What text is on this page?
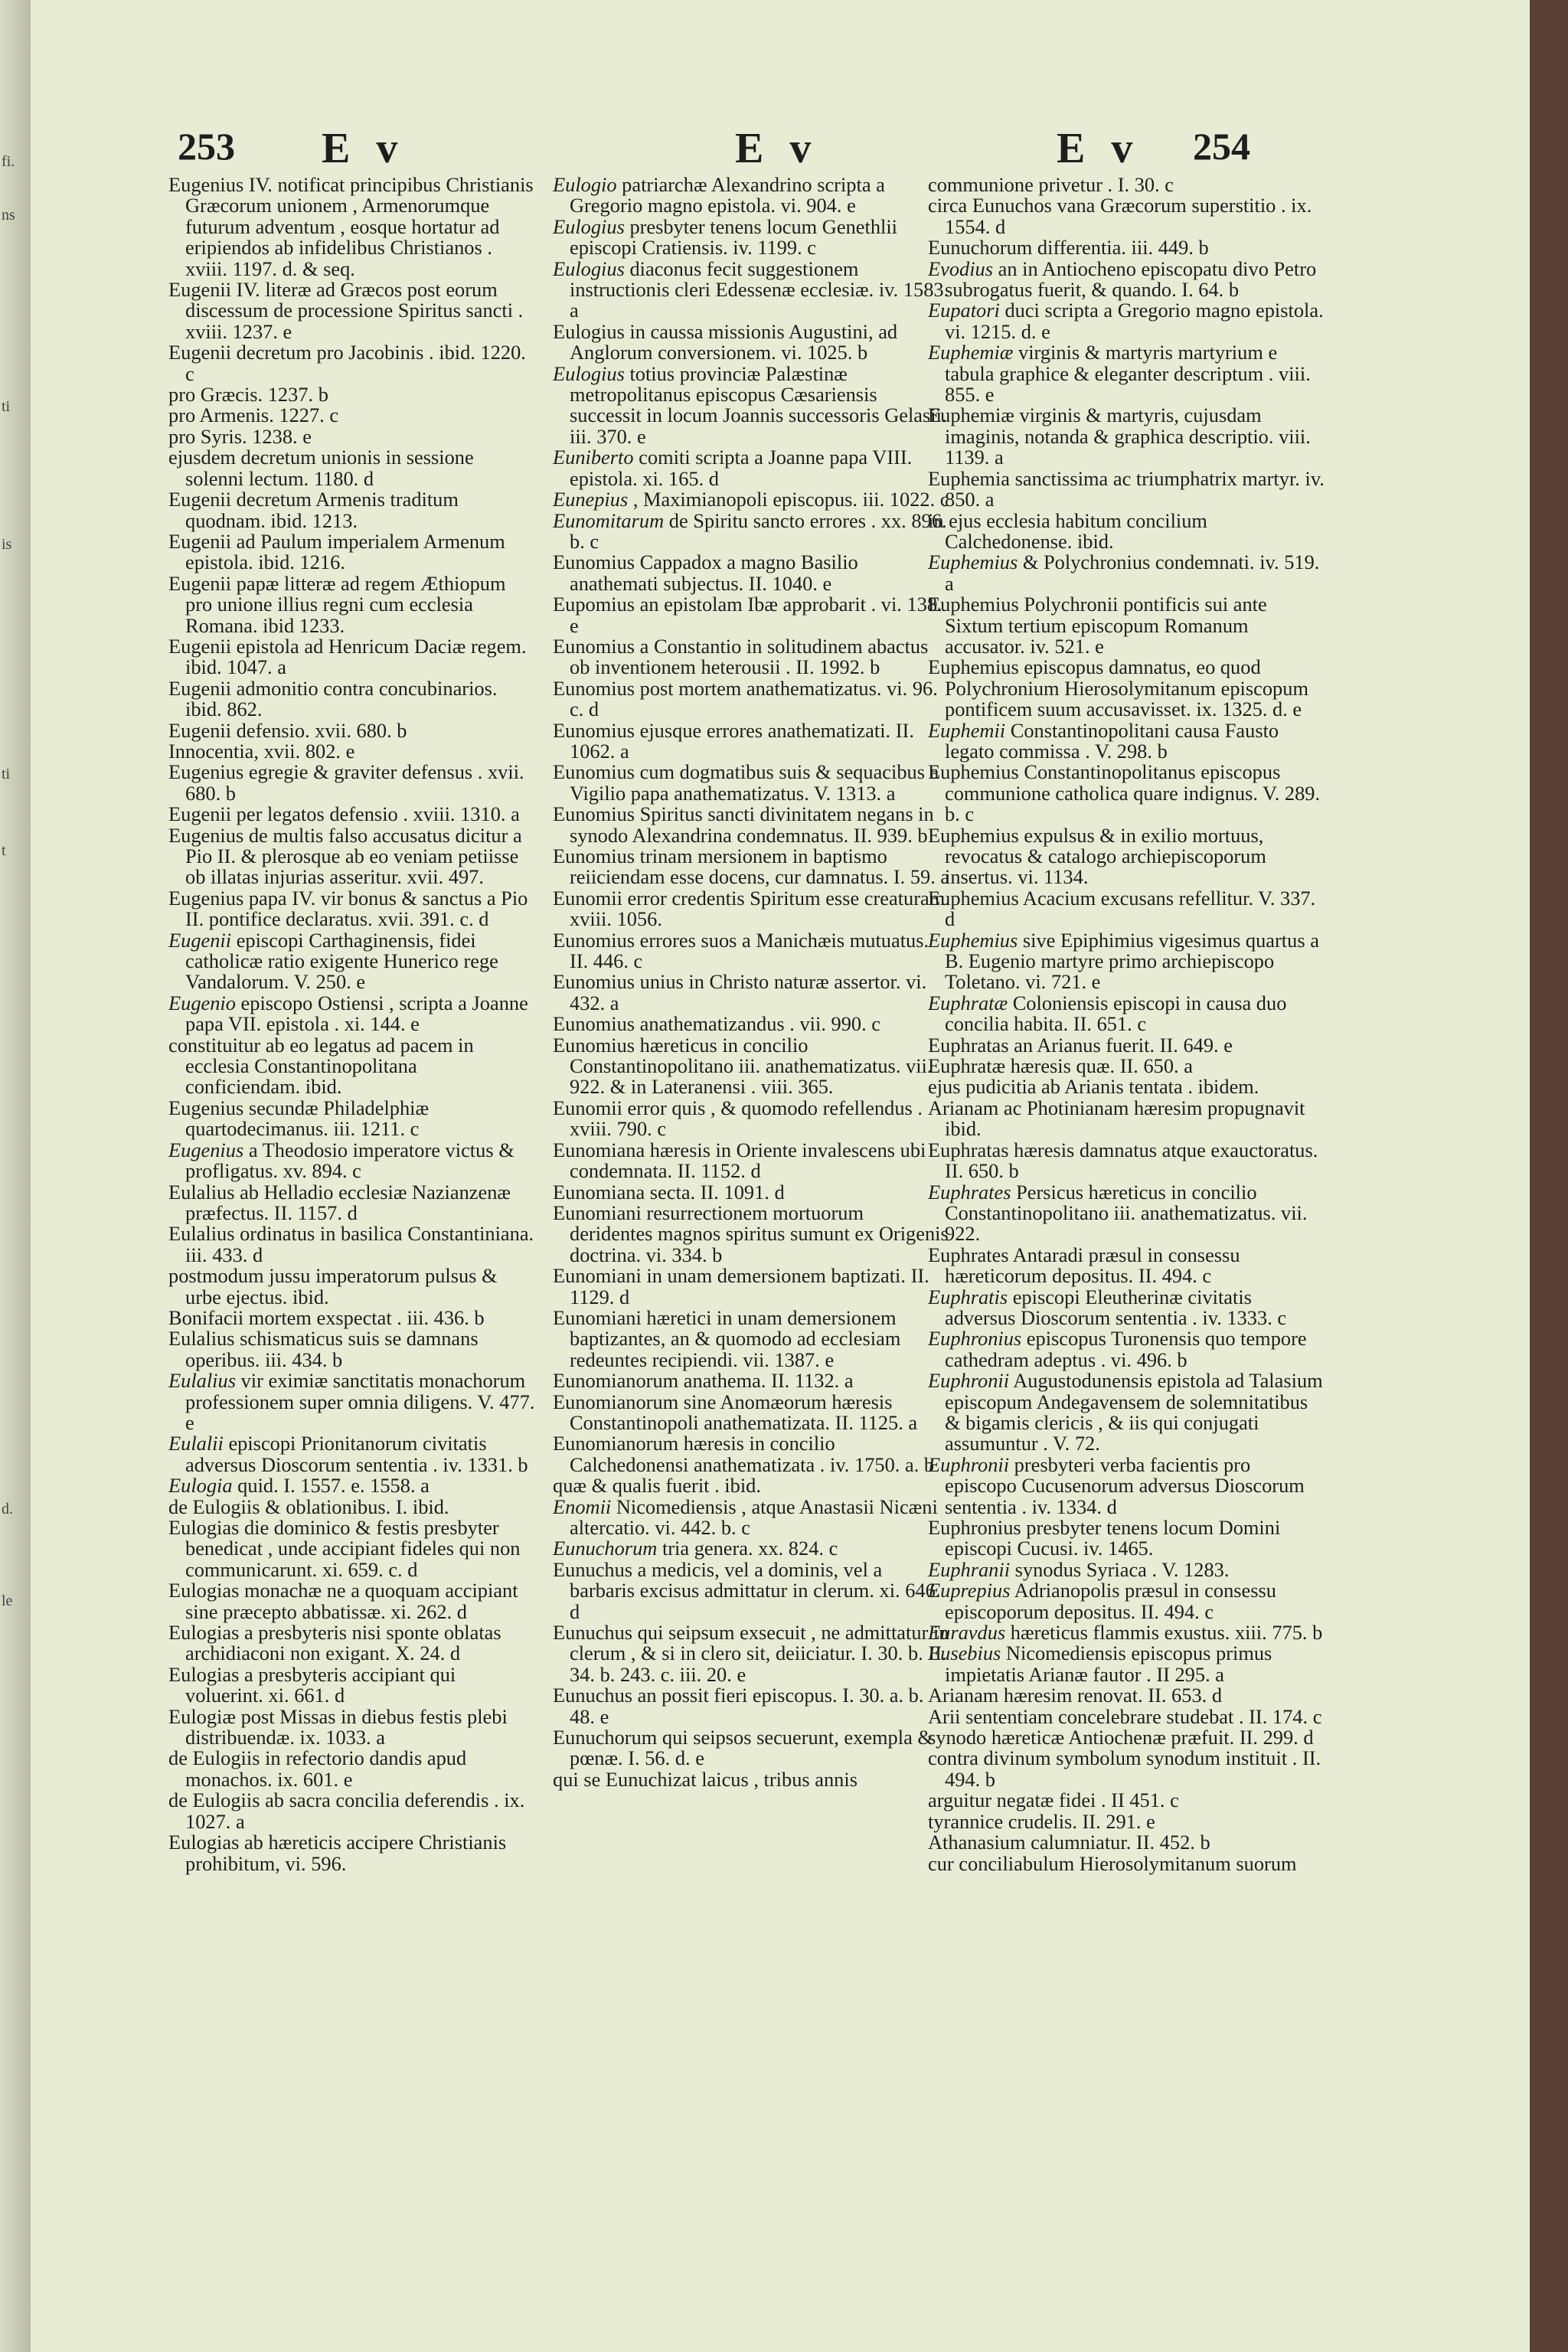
fi.
ns
ti
is
ti
t
d.
le
253 E v	E v	E v 254

Eugenius IV. notificat principibus Christianis Græcorum unionem , Armenorumque futurum adventum , eosque hortatur ad eripiendos ab infidelibus Christianos . xviii. 1197. d. & seq.

Eugenii IV. literæ ad Græcos post eorum discessum de processione Spiritus sancti . xviii. 1237. e

Eugenii decretum pro Jacobinis . ibid. 1220. c

pro Græcis. 1237. b

pro Armenis. 1227. c

pro Syris. 1238. e

ejusdem decretum unionis in sessione solenni lectum. 1180. d

Eugenii decretum Armenis traditum quodnam. ibid. 1213.

Eugenii ad Paulum imperialem Armenum epistola. ibid. 1216.

Eugenii papæ litteræ ad regem Æthiopum pro unione illius regni cum ecclesia Romana. ibid 1233.

Eugenii epistola ad Henricum Daciæ regem. ibid. 1047. a

Eugenii admonitio contra concubinarios. ibid. 862.

Eugenii defensio. xvii. 680. b

Innocentia, xvii. 802. e

Eugenius egregie & graviter defensus . xvii. 680. b

Eugenii per legatos defensio . xviii. 1310. a

Eugenius de multis falso accusatus dicitur a Pio II. & plerosque ab eo veniam petiisse ob illatas injurias asseritur. xvii. 497.

Eugenius papa IV. vir bonus & sanctus a Pio II. pontifice declaratus. xvii. 391. c. d

Eugenii episcopi Carthaginensis, fidei catholicæ ratio exigente Hunerico rege Vandalorum. V. 250. e

Eugenio episcopo Ostiensi , scripta a Joanne papa VII. epistola . xi. 144. e

constituitur ab eo legatus ad pacem in ecclesia Constantinopolitana conficiendam. ibid.

Eugenius secundæ Philadelphiæ quartodecimanus. iii. 1211. c

Eugenius a Theodosio imperatore victus & profligatus. xv. 894. c

Eulalius ab Helladio ecclesiæ Nazianzenæ præfectus. II. 1157. d

Eulalius ordinatus in basilica Constantiniana. iii. 433. d

postmodum jussu imperatorum pulsus & urbe ejectus. ibid.

Bonifacii mortem exspectat . iii. 436. b

Eulalius schismaticus suis se damnans operibus. iii. 434. b

Eulalius vir eximiæ sanctitatis monachorum professionem super omnia diligens. V. 477. e

Eulalii episcopi Prionitanorum civitatis adversus Dioscorum sententia . iv. 1331. b

Eulogia quid. I. 1557. e. 1558. a

de Eulogiis & oblationibus. I. ibid.

Eulogias die dominico & festis presbyter benedicat , unde accipiant fideles qui non communicarunt. xi. 659. c. d

Eulogias monachæ ne a quoquam accipiant sine præcepto abbatissæ. xi. 262. d

Eulogias a presbyteris nisi sponte oblatas archidiaconi non exigant. X. 24. d

Eulogias a presbyteris accipiant qui voluerint. xi. 661. d

Eulogiæ post Missas in diebus festis plebi distribuendæ. ix. 1033. a

de Eulogiis in refectorio dandis apud monachos. ix. 601. e

de Eulogiis ab sacra concilia deferendis . ix. 1027. a

Eulogias ab hæreticis accipere Christianis prohibitum, vi. 596.

Eulogio patriarchæ Alexandrino scripta a Gregorio magno epistola. vi. 904. e

Eulogius presbyter tenens locum Genethlii episcopi Cratiensis. iv. 1199. c

Eulogius diaconus fecit suggestionem instructionis cleri Edessenæ ecclesiæ. iv. 1583. a

Eulogius in caussa missionis Augustini, ad Anglorum conversionem. vi. 1025. b

Eulogius totius provinciæ Palæstinæ metropolitanus episcopus Cæsariensis successit in locum Joannis successoris Gelasii. iii. 370. e

Euniberto comiti scripta a Joanne papa VIII. epistola. xi. 165. d

Eunepius , Maximianopoli episcopus. iii. 1022. c

Eunomitarum de Spiritu sancto errores . xx. 896. b. c

Eunomius Cappadox a magno Basilio anathemati subjectus. II. 1040. e

Eupomius an epistolam Ibæ approbarit . vi. 138. e

Eunomius a Constantio in solitudinem abactus ob inventionem heterousii . II. 1992. b

Eunomius post mortem anathematizatus. vi. 96. c. d

Eunomius ejusque errores anathematizati. II. 1062. a

Eunomius cum dogmatibus suis & sequacibus a Vigilio papa anathematizatus. V. 1313. a

Eunomius Spiritus sancti divinitatem negans in synodo Alexandrina condemnatus. II. 939. b

Eunomius trinam mersionem in baptismo reiiciendam esse docens, cur damnatus. I. 59. a

Eunomii error credentis Spiritum esse creaturam. xviii. 1056.

Eunomius errores suos a Manichæis mutuatus. II. 446. c

Eunomius unius in Christo naturæ assertor. vi. 432. a

Eunomius anathematizandus . vii. 990. c

Eunomius hæreticus in concilio Constantinopolitano iii. anathematizatus. vii. 922. & in Lateranensi . viii. 365.

Eunomii error quis , & quomodo refellendus . xviii. 790. c

Eunomiana hæresis in Oriente invalescens ubi condemnata. II. 1152. d

Eunomiana secta. II. 1091. d

Eunomiani resurrectionem mortuorum deridentes magnos spiritus sumunt ex Origenis doctrina. vi. 334. b

Eunomiani in unam demersionem baptizati. II. 1129. d

Eunomiani hæretici in unam demersionem baptizantes, an & quomodo ad ecclesiam redeuntes recipiendi. vii. 1387. e

Eunomianorum anathema. II. 1132. a

Eunomianorum sine Anomæorum hæresis Constantinopoli anathematizata. II. 1125. a

Eunomianorum hæresis in concilio Calchedonensi anathematizata . iv. 1750. a. b

quæ & qualis fuerit . ibid.

Enomii Nicomediensis , atque Anastasii Nicæni altercatio. vi. 442. b. c

Eunuchorum tria genera. xx. 824. c

Eunuchus a medicis, vel a dominis, vel a barbaris excisus admittatur in clerum. xi. 646. d

Eunuchus qui seipsum exsecuit , ne admittatur in clerum , & si in clero sit, deiiciatur. I. 30. b. II. 34. b. 243. c. iii. 20. e

Eunuchus an possit fieri episcopus. I. 30. a. b. 48. e

Eunuchorum qui seipsos secuerunt, exempla & pœnæ. I. 56. d. e

qui se Eunuchizat laicus , tribus annis

communione privetur . I. 30. c

circa Eunuchos vana Græcorum superstitio . ix. 1554. d

Eunuchorum differentia. iii. 449. b

Evodius an in Antiocheno episcopatu divo Petro subrogatus fuerit, & quando. I. 64. b

Eupatori duci scripta a Gregorio magno epistola. vi. 1215. d. e

Euphemiæ virginis & martyris martyrium e tabula graphice & eleganter descriptum . viii. 855. e

Euphemiæ virginis & martyris, cujusdam imaginis, notanda & graphica descriptio. viii. 1139. a

Euphemia sanctissima ac triumphatrix martyr. iv. 850. a

in ejus ecclesia habitum concilium Calchedonense. ibid.

Euphemius & Polychronius condemnati. iv. 519. a

Euphemius Polychronii pontificis sui ante Sixtum tertium episcopum Romanum accusator. iv. 521. e

Euphemius episcopus damnatus, eo quod Polychronium Hierosolymitanum episcopum pontificem suum accusavisset. ix. 1325. d. e

Euphemii Constantinopolitani causa Fausto legato commissa . V. 298. b

Euphemius Constantinopolitanus episcopus communione catholica quare indignus. V. 289. b. c

Euphemius expulsus & in exilio mortuus, revocatus & catalogo archiepiscoporum insertus. vi. 1134.

Euphemius Acacium excusans refellitur. V. 337. d

Euphemius sive Epiphimius vigesimus quartus a B. Eugenio martyre primo archiepiscopo Toletano. vi. 721. e

Euphratæ Coloniensis episcopi in causa duo concilia habita. II. 651. c

Euphratas an Arianus fuerit. II. 649. e

Euphratæ hæresis quæ. II. 650. a

ejus pudicitia ab Arianis tentata . ibidem.

Arianam ac Photinianam hæresim propugnavit ibid.

Euphratas hæresis damnatus atque exauctoratus. II. 650. b

Euphrates Persicus hæreticus in concilio Constantinopolitano iii. anathematizatus. vii. 922.

Euphrates Antaradi præsul in consessu hæreticorum depositus. II. 494. c

Euphratis episcopi Eleutherinæ civitatis adversus Dioscorum sententia . iv. 1333. c

Euphronius episcopus Turonensis quo tempore cathedram adeptus . vi. 496. b

Euphronii Augustodunensis epistola ad Talasium episcopum Andegavensem de solemnitatibus & bigamis clericis , & iis qui conjugati assumuntur . V. 72.

Euphronii presbyteri verba facientis pro episcopo Cucusenorum adversus Dioscorum sententia . iv. 1334. d

Euphronius presbyter tenens locum Domini episcopi Cucusi. iv. 1465.

Euphranii synodus Syriaca . V. 1283.

Euprepius Adrianopolis præsul in consessu episcoporum depositus. II. 494. c

Euravdus hæreticus flammis exustus. xiii. 775. b

Eusebius Nicomediensis episcopus primus impietatis Arianæ fautor . II 295. a

Arianam hæresim renovat. II. 653. d

Arii sententiam concelebrare studebat . II. 174. c

synodo hæreticæ Antiochenæ præfuit. II. 299. d

contra divinum symbolum synodum instituit . II. 494. b

arguitur negatæ fidei . II 451. c

tyrannice crudelis. II. 291. e

Athanasium calumniatur. II. 452. b

cur conciliabulum Hierosolymitanum suorum
